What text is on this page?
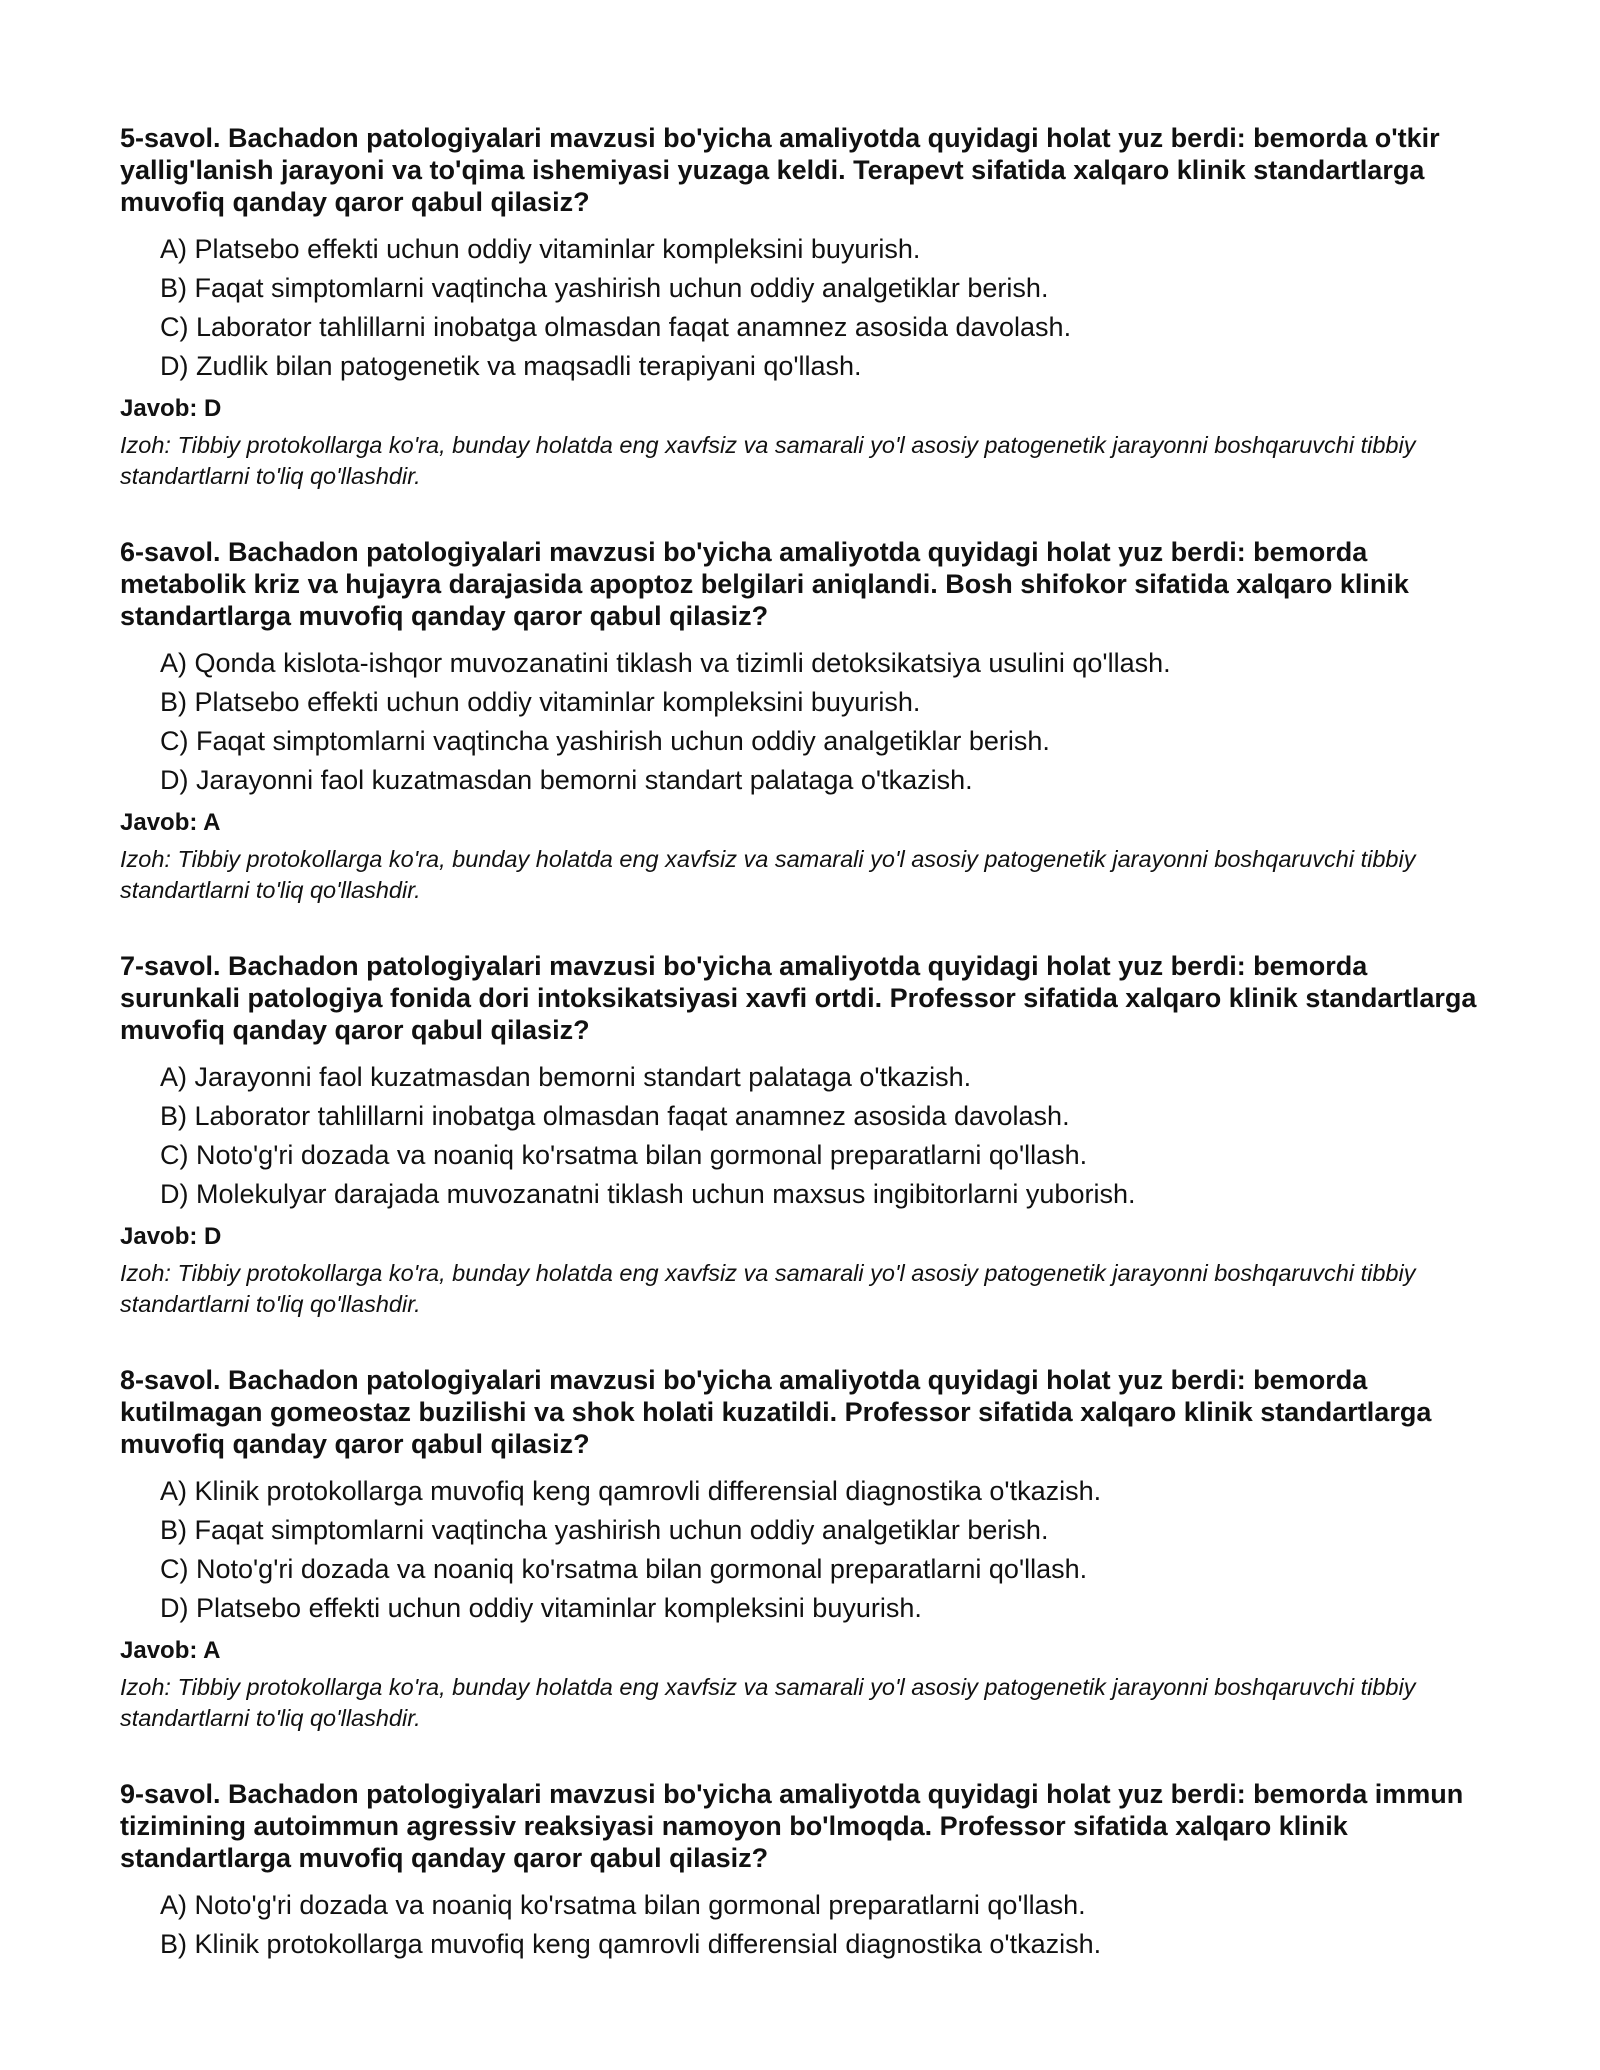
5-savol. Bachadon patologiyalari mavzusi bo'yicha amaliyotda quyidagi holat yuz berdi: bemorda o'tkir yallig'lanish jarayoni va to'qima ishemiyasi yuzaga keldi. Terapevt sifatida xalqaro klinik standartlarga muvofiq qanday qaror qabul qilasiz?

A) Platsebo effekti uchun oddiy vitaminlar kompleksini buyurish.
B) Faqat simptomlarni vaqtincha yashirish uchun oddiy analgetiklar berish.
C) Laborator tahlillarni inobatga olmasdan faqat anamnez asosida davolash.
D) Zudlik bilan patogenetik va maqsadli terapiyani qo'llash.
Javob: D
Izoh: Tibbiy protokollarga ko'ra, bunday holatda eng xavfsiz va samarali yo'l asosiy patogenetik jarayonni boshqaruvchi tibbiy standartlarni to'liq qo'llashdir.

6-savol. Bachadon patologiyalari mavzusi bo'yicha amaliyotda quyidagi holat yuz berdi: bemorda metabolik kriz va hujayra darajasida apoptoz belgilari aniqlandi. Bosh shifokor sifatida xalqaro klinik standartlarga muvofiq qanday qaror qabul qilasiz?

A) Qonda kislota-ishqor muvozanatini tiklash va tizimli detoksikatsiya usulini qo'llash.
B) Platsebo effekti uchun oddiy vitaminlar kompleksini buyurish.
C) Faqat simptomlarni vaqtincha yashirish uchun oddiy analgetiklar berish.
D) Jarayonni faol kuzatmasdan bemorni standart palataga o'tkazish.
Javob: A
Izoh: Tibbiy protokollarga ko'ra, bunday holatda eng xavfsiz va samarali yo'l asosiy patogenetik jarayonni boshqaruvchi tibbiy standartlarni to'liq qo'llashdir.

7-savol. Bachadon patologiyalari mavzusi bo'yicha amaliyotda quyidagi holat yuz berdi: bemorda surunkali patologiya fonida dori intoksikatsiyasi xavfi ortdi. Professor sifatida xalqaro klinik standartlarga muvofiq qanday qaror qabul qilasiz?

A) Jarayonni faol kuzatmasdan bemorni standart palataga o'tkazish.
B) Laborator tahlillarni inobatga olmasdan faqat anamnez asosida davolash.
C) Noto'g'ri dozada va noaniq ko'rsatma bilan gormonal preparatlarni qo'llash.
D) Molekulyar darajada muvozanatni tiklash uchun maxsus ingibitorlarni yuborish.
Javob: D
Izoh: Tibbiy protokollarga ko'ra, bunday holatda eng xavfsiz va samarali yo'l asosiy patogenetik jarayonni boshqaruvchi tibbiy standartlarni to'liq qo'llashdir.

8-savol. Bachadon patologiyalari mavzusi bo'yicha amaliyotda quyidagi holat yuz berdi: bemorda kutilmagan gomeostaz buzilishi va shok holati kuzatildi. Professor sifatida xalqaro klinik standartlarga muvofiq qanday qaror qabul qilasiz?

A) Klinik protokollarga muvofiq keng qamrovli differensial diagnostika o'tkazish.
B) Faqat simptomlarni vaqtincha yashirish uchun oddiy analgetiklar berish.
C) Noto'g'ri dozada va noaniq ko'rsatma bilan gormonal preparatlarni qo'llash.
D) Platsebo effekti uchun oddiy vitaminlar kompleksini buyurish.
Javob: A
Izoh: Tibbiy protokollarga ko'ra, bunday holatda eng xavfsiz va samarali yo'l asosiy patogenetik jarayonni boshqaruvchi tibbiy standartlarni to'liq qo'llashdir.

9-savol. Bachadon patologiyalari mavzusi bo'yicha amaliyotda quyidagi holat yuz berdi: bemorda immun tizimining autoimmun agressiv reaksiyasi namoyon bo'lmoqda. Professor sifatida xalqaro klinik standartlarga muvofiq qanday qaror qabul qilasiz?

A) Noto'g'ri dozada va noaniq ko'rsatma bilan gormonal preparatlarni qo'llash.
B) Klinik protokollarga muvofiq keng qamrovli differensial diagnostika o'tkazish.
